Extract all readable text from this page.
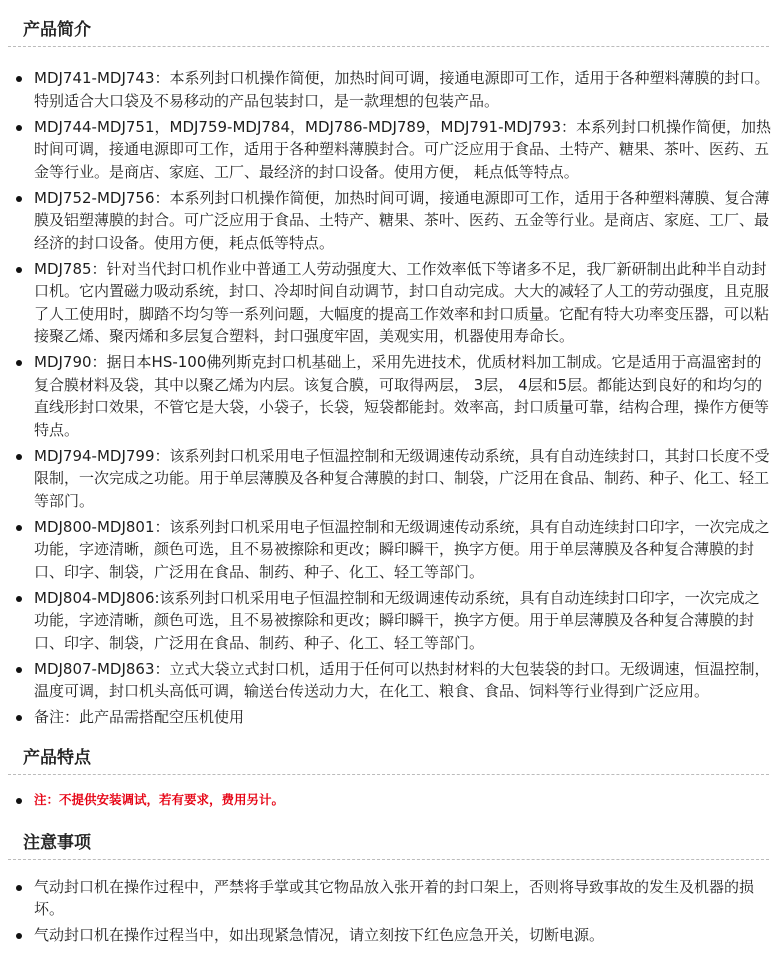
产品简介
MDJ741-MDJ743：本系列封口机操作简便，加热时间可调，接通电源即可工作，适用于各种塑料薄膜的封口。特别适合大口袋及不易移动的产品包装封口，是一款理想的包装产品。
MDJ744-MDJ751，MDJ759-MDJ784，MDJ786-MDJ789，MDJ791-MDJ793：本系列封口机操作简便，加热时间可调，接通电源即可工作，适用于各种塑料薄膜封合。可广泛应用于食品、土特产、糖果、茶叶、医药、五金等行业。是商店、家庭、工厂、最经济的封口设备。使用方便， 耗点低等特点。
MDJ752-MDJ756：本系列封口机操作简便，加热时间可调，接通电源即可工作，适用于各种塑料薄膜、复合薄膜及铝塑薄膜的封合。可广泛应用于食品、土特产、糖果、茶叶、医药、五金等行业。是商店、家庭、工厂、最经济的封口设备。使用方便，耗点低等特点。
MDJ785：针对当代封口机作业中普通工人劳动强度大、工作效率低下等诸多不足，我厂新研制出此种半自动封口机。它内置磁力吸动系统，封口、冷却时间自动调节，封口自动完成。大大的减轻了人工的劳动强度，且克服了人工使用时，脚踏不均匀等一系列问题，大幅度的提高工作效率和封口质量。它配有特大功率变压器，可以粘接聚乙烯、聚丙烯和多层复合塑料，封口强度牢固，美观实用，机器使用寿命长。
MDJ790：据日本HS-100佛列斯克封口机基础上，采用先进技术，优质材料加工制成。它是适用于高温密封的复合膜材料及袋，其中以聚乙烯为内层。该复合膜，可取得两层， 3层， 4层和5层。都能达到良好的和均匀的直线形封口效果，不管它是大袋，小袋子，长袋，短袋都能封。效率高，封口质量可靠，结构合理，操作方便等特点。
MDJ794-MDJ799：该系列封口机采用电子恒温控制和无级调速传动系统，具有自动连续封口，其封口长度不受限制，一次完成之功能。用于单层薄膜及各种复合薄膜的封口、制袋，广泛用在食品、制药、种子、化工、轻工等部门。
MDJ800-MDJ801：该系列封口机采用电子恒温控制和无级调速传动系统，具有自动连续封口印字，一次完成之功能，字迹清晰，颜色可选，且不易被擦除和更改；瞬印瞬干，换字方便。用于单层薄膜及各种复合薄膜的封口、印字、制袋，广泛用在食品、制药、种子、化工、轻工等部门。
MDJ804-MDJ806:该系列封口机采用电子恒温控制和无级调速传动系统，具有自动连续封口印字，一次完成之功能，字迹清晰，颜色可选，且不易被擦除和更改；瞬印瞬干，换字方便。用于单层薄膜及各种复合薄膜的封口、印字、制袋，广泛用在食品、制药、种子、化工、轻工等部门。
MDJ807-MDJ863：立式大袋立式封口机，适用于任何可以热封材料的大包装袋的封口。无级调速，恒温控制，温度可调，封口机头高低可调，输送台传送动力大，在化工、粮食、食品、饲料等行业得到广泛应用。
备注：此产品需搭配空压机使用
产品特点
注：不提供安装调试，若有要求，费用另计。
注意事项
气动封口机在操作过程中，严禁将手掌或其它物品放入张开着的封口架上，否则将导致事故的发生及机器的损坏。
气动封口机在操作过程当中，如出现紧急情况，请立刻按下红色应急开关，切断电源。
